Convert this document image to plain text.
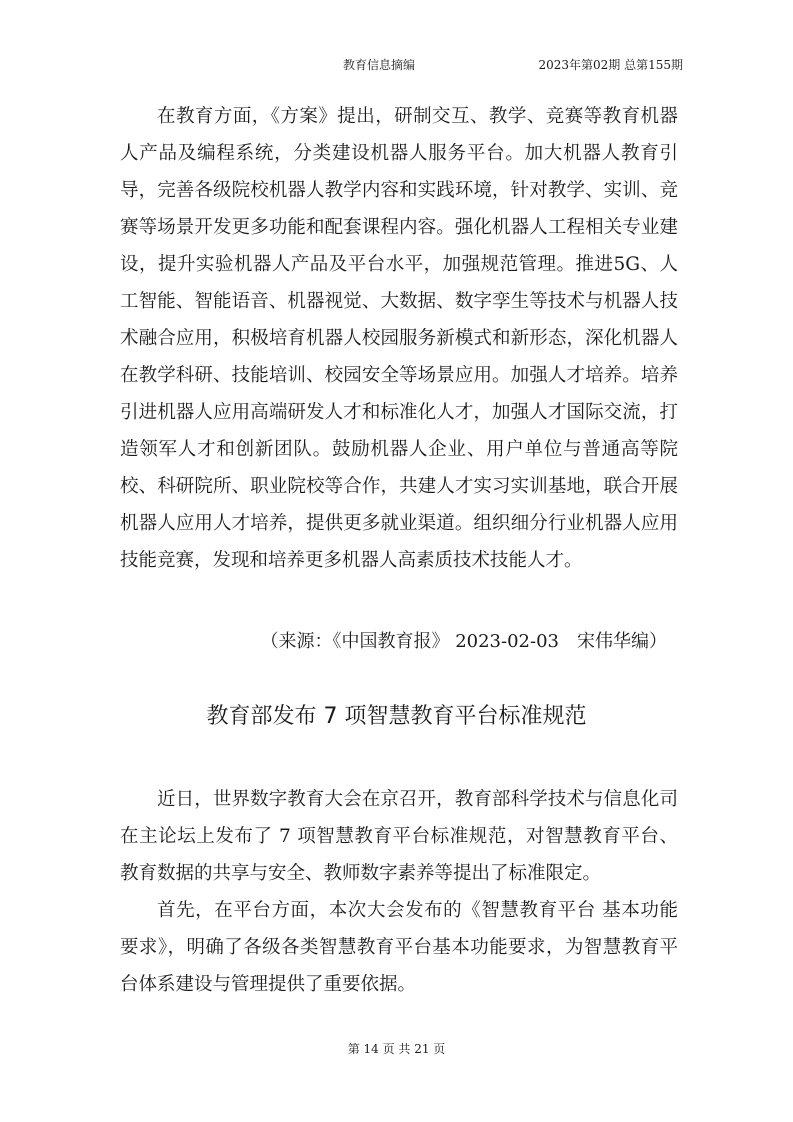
教育信息摘编	2023年第02期 总第155期

在教育方面，《方案》提出，研制交互、教学、竞赛等教育机器人产品及编程系统，分类建设机器人服务平台。加大机器人教育引导，完善各级院校机器人教学内容和实践环境，针对教学、实训、竞赛等场景开发更多功能和配套课程内容。强化机器人工程相关专业建设，提升实验机器人产品及平台水平，加强规范管理。推进5G、人工智能、智能语音、机器视觉、大数据、数字孪生等技术与机器人技术融合应用，积极培育机器人校园服务新模式和新形态，深化机器人在教学科研、技能培训、校园安全等场景应用。加强人才培养。培养引进机器人应用高端研发人才和标准化人才，加强人才国际交流，打造领军人才和创新团队。鼓励机器人企业、用户单位与普通高等院校、科研院所、职业院校等合作，共建人才实习实训基地，联合开展机器人应用人才培养，提供更多就业渠道。组织细分行业机器人应用技能竞赛，发现和培养更多机器人高素质技术技能人才。

（来源：《中国教育报》 2023-02-03　宋伟华编）
教育部发布 7 项智慧教育平台标准规范

近日，世界数字教育大会在京召开，教育部科学技术与信息化司在主论坛上发布了 7 项智慧教育平台标准规范，对智慧教育平台、教育数据的共享与安全、教师数字素养等提出了标准限定。

首先，在平台方面，本次大会发布的《智慧教育平台 基本功能要求》，明确了各级各类智慧教育平台基本功能要求，为智慧教育平台体系建设与管理提供了重要依据。

第 14 页 共 21 页
